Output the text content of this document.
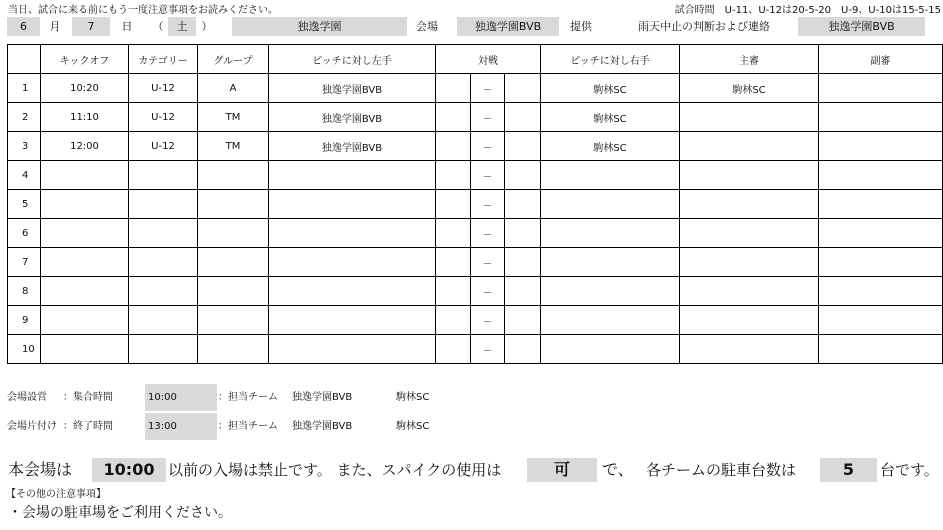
当日、試合に来る前にもう一度注意事項をお読みください。	試合時間　U-11、U-12は20-5-20　U-9、U-10は15-5-15
6	月	7	日	（	土	）	独逸学園	会場	独逸学園BVB	提供	雨天中止の判断および連絡	独逸学園BVB
	キックオフ	カテゴリー	グループ	ピッチに対し左手	対戦			ピッチに対し右手	主審	副審
1	10:20	U-12	A	独逸学園BVB		－		駒林SC	駒林SC	
2	11:10	U-12	TM	独逸学園BVB		－		駒林SC		
3	12:00	U-12	TM	独逸学園BVB		－		駒林SC		
4						－				
5						－				
6						－				
7						－				
8						－				
9						－				
10						－				
会場設営 ：集合時間	10:00	：担当チーム 独逸学園BVB	駒林SC
会場片付け ：終了時間	13:00	：担当チーム 独逸学園BVB	駒林SC
本会場は	10:00 以前の入場は禁止です。 また、スパイクの使用は	可	で、 各チームの駐車台数は	5	台です。
【その他の注意事項】
・会場の駐車場をご利用ください。
